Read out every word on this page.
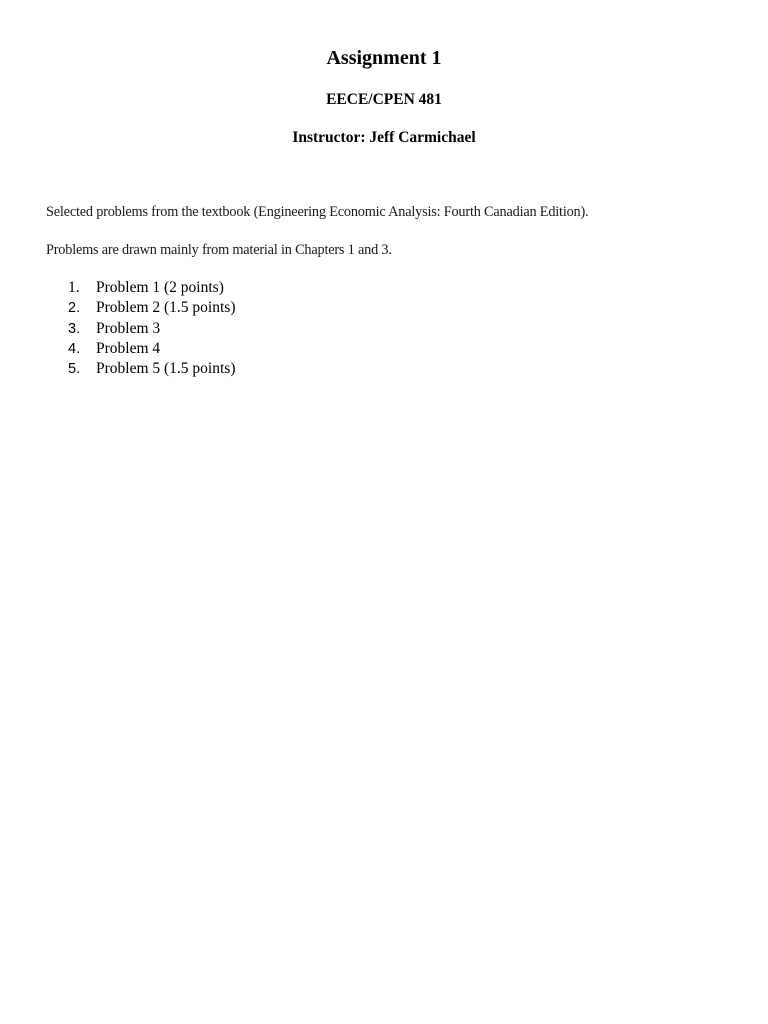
Assignment 1
EECE/CPEN 481
Instructor: Jeff Carmichael
Selected problems from the textbook (Engineering Economic Analysis: Fourth Canadian Edition).
Problems are drawn mainly from material in Chapters 1 and 3.
1.	Problem 1 (2 points)
2.	Problem 2 (1.5 points)
3.	Problem 3
4.	Problem 4
5.	Problem 5 (1.5 points)
